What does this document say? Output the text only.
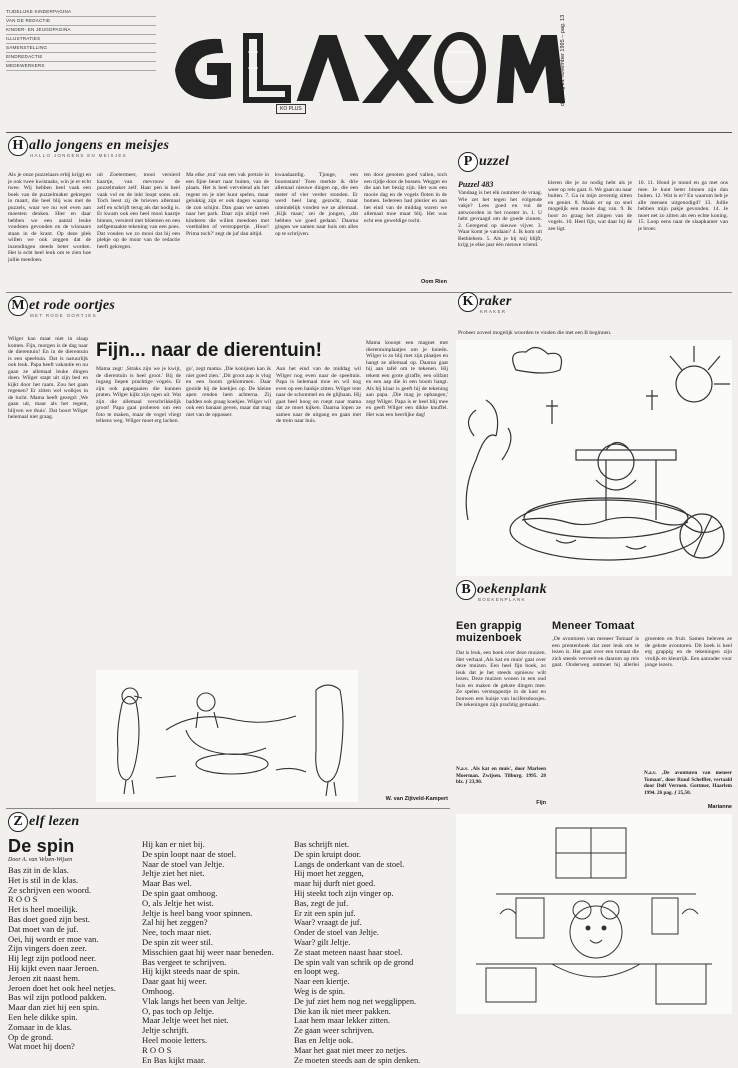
TIJDELIJKE KINDERPAGINA
VAN DE REDACTIE
KINDER- EN JEUGDPAGINA
ILLUSTRATIES
SAMENSTELLING
EINDREDACTIE
MEDEWERKERS
KO PLUS
dinsdag 21 november 1995 – pag. 13
H allo jongens en meisjes
HALLO JONGENS EN MEISJES
Als je onze puzzelaars erbij krijgt en je ook twee kwistaaks, win je er echt twee. Wij hebben heel vaak een boek van de puzzelmaker gekregen in maart, die heel blij was met de puzzels, waar we nu wel even aan moesten denken. Hier en daar hebben we een aantal leuke vondsten gevonden en de winnaars staan in de krant. Op deze plek willen we ook zeggen dat de inzendingen steeds beter worden. Het is echt heel leuk om te zien hoe jullie meedoen.
uit Zoetermeer, mooi versierd kaartje, van mevrouw de puzzelmaker zelf. Haar pen is heel vaak vol en de inkt loopt soms uit. Toch leest zij de brieven allemaal zelf en schrijft terug als dat nodig is. Er kwam ook een heel mooi kaartje binnen, versierd met bloemen en een zelfgemaakte tekening van een poes. Dat vonden we zo mooi dat hij een plekje op de muur van de redactie heeft gekregen.
Ma elke ,trui' van een vak pretzie in een fijne beurt naar buiten, van de plaats. Het is heel vervelend als het regent en je niet kunt spelen, maar gelukkig zijn er ook dagen waarop de zon schijnt. Dan gaan we samen naar het park. Daar zijn altijd veel kinderen die willen meedoen met voetballen of verstoppertje. ‚Hoor! Prima toch?' zegt de juf dan altijd.
kwaadaardig. Tjonge, een boomstam! Toen merkte ik drie allemaal nieuwe dingen op, die een meter of vier verder stonden. Er werd heel lang gezocht, maar uiteindelijk vonden we ze allemaal. ‚Kijk maar,' zei de jongen, ‚dat hebben we goed gedaan.' Daarna gingen we samen naar huis om alles op te schrijven.
ten door genoten goed vallen, toch een tijdje door de bossen. Wegger en die aan het bezig zijn. Het was een mooie dag en de vogels floten in de bomen. Iedereen had plezier en aan het eind van de middag waren we allemaal moe maar blij. Het was echt een geweldige tocht.
Oom Rien
P uzzel
Puzzel 483
Vandaag is het elk nummer de vraag. Wie zet het tegen het volgende vakje? Lees goed en vul de antwoorden in het rooster in. 1. U hebt gevraagd om de goede zinnen. 2. Geregend op nieuwe vijver. 3. Waar komt je vandaan? 4. Ik kom uit Bethlehem. 5. Als je bij mij blijft, krijg je elke jaar één nieuwe vriend.
kleren die je zo nodig hebt als je weer op reis gaat. 6. We gaan nu naar buiten. 7. Ga in mijn zeventig zitten en geniet. 8. Maak er op zo snel mogelijk een mooie dag van. 9. Ik hoor zo graag het zingen van de vogels. 10. Heel fijn, wat daar bij de zee ligt.
10. 11. Houd je mond en ga met ons mee. Je kunt beter binnen zijn dan buiten. 12. Wat is er? En waarom heb je alle mensen uitgenodigd? 13. Jullie hebben mijn pakje gevonden. 14. Je moet net zo zitten als een echte koning. 15. Loop eens naar de slaapkamer van je broer.
K raker
KRAKER
Probeer zoveel mogelijk woorden te vinden die met een B beginnen.
M et rode oortjes
MET RODE OORTJES
Wilger kan maar niet in slaap komen. Fijn, morgen is de dag naar de dierentuin! En in de dierentuin is een speeltuin. Dat is natuurlijk ook leuk. Papa heeft vakantie en nu gaan ze allemaal leuke dingen doen. Wilger stapt uit zijn bed en kijkt door het raam. Zou het gaan regenen? Er zitten wel wolkjes in de lucht. Mama heeft gezegd: ,We gaan uit, maar als het regent, blijven we thuis'. Dat hoort Wilger helemaal niet graag.
Fijn... naar de dierentuin!
Mama zegt: ,Straks zijn we je kwijt, de dierentuin is heel groot.' Bij de ingang liepen prachtige vogels. Er zijn ook papegaaien die kunnen praten. Wilger kijkt zijn ogen uit. Wat zijn die allemaal verschrikkelijk groot! Papa gaat proberen om een foto te maken, maar de vogel vliegt telkens weg. Wilger moet erg lachen.
go', zegt mama. ,Die konijnen kan ik niet goed zien.' ,Dit groot aap is vlug en een boom geklommen. Daar gooide hij de koekjes op. De kleine apen renden hem achterna. Zij hadden ook graag koekjes. Wilger wil ook een banaan geven, maar dat mag niet van de oppasser.
Aan het eind van de middag wil Wilger nog even naar de speeltuin. Papa is helemaal moe en wil nog even op een bankje zitten. Wilger rent naar de schommel en de glijbaan. Hij gaat heel hoog en roept naar mama dat ze moet kijken. Daarna lopen ze samen naar de uitgang en gaan met de trein naar huis.
Mama knoopt een magnet met dierentuinplaatjes om je knieën. Wilger is zo blij met zijn plaatjes en hangt ze allemaal op. Daarna gaat hij aan tafel om te tekenen. Hij tekent een grote giraffe, een olifant en een aap die in een boom hangt. Als hij klaar is geeft hij de tekening aan papa. ,Die mag je ophangen,' zegt Wilger. Papa is er heel blij mee en geeft Wilger een dikke knuffel. Het was een heerlijke dag!
W. van Zijtveld-Kampert
B oekenplank
BOEKENPLANK
Een grappig muizenboek
Dat is leuk, een boek over deze muizen. Het verhaal ,Als kat en muis' gaat over deze muizen. Een heel fijn boek, zo leuk dat je het steeds opnieuw wilt lezen. Deze muizen wonen in een oud huis en maken de gekste dingen mee. Ze spelen verstoppertje in de kast en bouwen een huisje van lucifersdoosjes. De tekeningen zijn prachtig gemaakt.
N.a.v. ‚Als kat en muis', door Marleen Moerman. Zwijsen. Tilburg. 1995. 28 blz. ƒ 23,90.
Fijn
Meneer Tomaat
‚De avonturen van meneer Tomaat' is een prentenboek dat zeer leuk om te lezen is. Het gaat over een tomaat die zich steeds verveelt en daarom op reis gaat. Onderweg ontmoet hij allerlei groenten en fruit. Samen beleven ze de gekste avonturen. Dit boek is heel erg grappig en de tekeningen zijn vrolijk en kleurrijk. Een aanrader voor jonge lezers.
N.a.v. ‚De avonturen van meneer Tomaat', door Ruud Scheffler, vertaald door Dolf Verroen. Gottmer, Haarlem 1994. 26 pag. ƒ 25,50.
Marianne
Z elf lezen
De spin
Door A. van Velzen-Wijsen
Bas zit in de klas.
Het is stil in de klas.
Ze schrijven een woord.
R O O S
Het is heel moeilijk.
Bas doet goed zijn best.
Dat moet van de juf.
Oei, hij wordt er moe van.
Zijn vingers doen zeer.
Hij legt zijn potlood neer.
Hij kijkt even naar Jeroen.
Jeroen zit naast hem.
Jeroen doet het ook heel netjes.
Bas wil zijn potlood pakken.
Maar dan ziet hij een spin.
Een hele dikke spin.
Zomaar in de klas.
Op de grond.
Wat moet hij doen?
Hij kan er niet bij.
De spin loopt naar de stoel.
Naar de stoel van Jeltje.
Jeltje ziet het niet.
Maar Bas wel.
De spin gaat omhoog.
O, als Jeltje het wist.
Jeltje is heel bang voor spinnen.
Zal hij het zeggen?
Nee, toch maar niet.
De spin zit weer stil.
Misschien gaat hij weer naar beneden.
Bas vergeet te schrijven.
Hij kijkt steeds naar de spin.
Daar gaat hij weer.
Omhoog.
Vlak langs het been van Jeltje.
O, pas toch op Jeltje.
Maar Jeltje weet het niet.
Jeltje schrijft.
Heel mooie letters.
R O O S
En Bas kijkt maar.
Bas schrijft niet.
De spin kruipt door.
Langs de onderkant van de stoel.
Hij moet het zeggen,
maar hij durft niet goed.
Hij steekt toch zijn vinger op.
Bas, zegt de juf.
Er zit een spin juf.
Waar? vraagt de juf.
Onder de stoel van Jeltje.
Waar? gilt Jeltje.
Ze staat meteen naast haar stoel.
De spin valt van schrik op de grond
en loopt weg.
Naar een kiertje.
Weg is de spin.
De juf ziet hem nog net wegglippen.
Die kan ik niet meer pakken.
Laat hem maar lekker zitten.
Ze gaan weer schrijven.
Bas en Jeltje ook.
Maar het gaat niet meer zo netjes.
Ze moeten steeds aan de spin denken.
